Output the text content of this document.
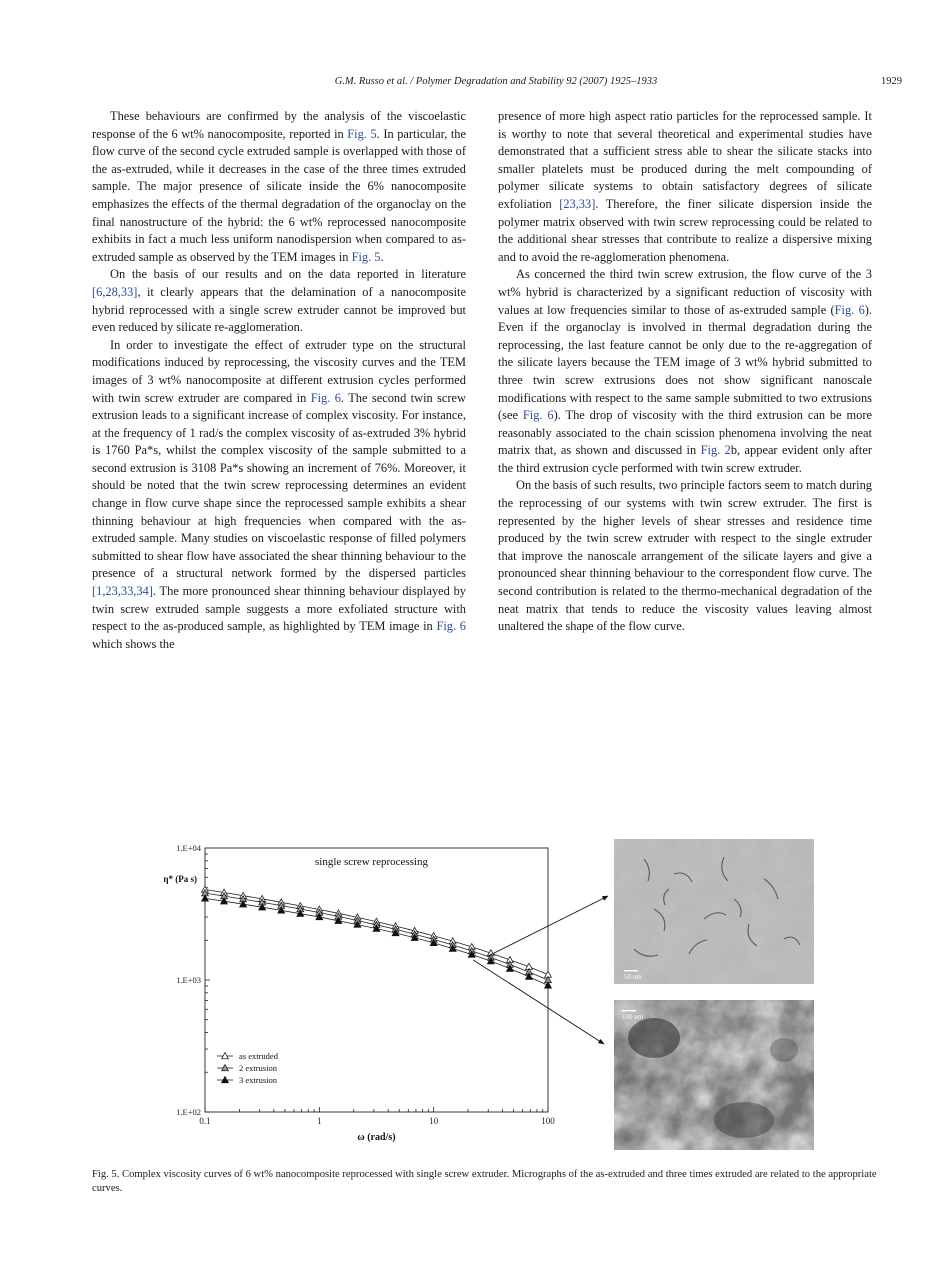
G.M. Russo et al. / Polymer Degradation and Stability 92 (2007) 1925–1933	1929

These behaviours are confirmed by the analysis of the viscoelastic response of the 6 wt% nanocomposite, reported in Fig. 5. In particular, the flow curve of the second cycle extruded sample is overlapped with those of the as-extruded, while it decreases in the case of the three times extruded sample. The major presence of silicate inside the 6% nanocomposite emphasizes the effects of the thermal degradation of the organoclay on the final nanostructure of the hybrid: the 6 wt% reprocessed nanocomposite exhibits in fact a much less uniform nanodispersion when compared to as-extruded sample as observed by the TEM images in Fig. 5.

On the basis of our results and on the data reported in literature [6,28,33], it clearly appears that the delamination of a nanocomposite hybrid reprocessed with a single screw extruder cannot be improved but even reduced by silicate re-agglomeration.

In order to investigate the effect of extruder type on the structural modifications induced by reprocessing, the viscosity curves and the TEM images of 3 wt% nanocomposite at different extrusion cycles performed with twin screw extruder are compared in Fig. 6. The second twin screw extrusion leads to a significant increase of complex viscosity. For instance, at the frequency of 1 rad/s the complex viscosity of as-extruded 3% hybrid is 1760 Pa*s, whilst the complex viscosity of the sample submitted to a second extrusion is 3108 Pa*s showing an increment of 76%. Moreover, it should be noted that the twin screw reprocessing determines an evident change in flow curve shape since the reprocessed sample exhibits a shear thinning behaviour at high frequencies when compared with the as-extruded sample. Many studies on viscoelastic response of filled polymers submitted to shear flow have associated the shear thinning behaviour to the presence of a structural network formed by the dispersed particles [1,23,33,34]. The more pronounced shear thinning behaviour displayed by twin screw extruded sample suggests a more exfoliated structure with respect to the as-produced sample, as highlighted by TEM image in Fig. 6 which shows the

presence of more high aspect ratio particles for the reprocessed sample. It is worthy to note that several theoretical and experimental studies have demonstrated that a sufficient stress able to shear the silicate stacks into smaller platelets must be produced during the melt compounding of polymer silicate systems to obtain satisfactory degrees of silicate exfoliation [23,33]. Therefore, the finer silicate dispersion inside the polymer matrix observed with twin screw reprocessing could be related to the additional shear stresses that contribute to realize a dispersive mixing and to avoid the re-agglomeration phenomena.

As concerned the third twin screw extrusion, the flow curve of the 3 wt% hybrid is characterized by a significant reduction of viscosity with values at low frequencies similar to those of as-extruded sample (Fig. 6). Even if the organoclay is involved in thermal degradation during the reprocessing, the last feature cannot be only due to the re-aggregation of the silicate layers because the TEM image of 3 wt% hybrid submitted to three twin screw extrusions does not show significant nanoscale modifications with respect to the same sample submitted to two extrusions (see Fig. 6). The drop of viscosity with the third extrusion can be more reasonably associated to the chain scission phenomena involving the neat matrix that, as shown and discussed in Fig. 2b, appear evident only after the third extrusion cycle performed with twin screw extruder.

On the basis of such results, two principle factors seem to match during the reprocessing of our systems with twin screw extruder. The first is represented by the higher levels of shear stresses and residence time produced by the twin screw extruder with respect to the single extruder that improve the nanoscale arrangement of the silicate layers and give a pronounced shear thinning behaviour to the correspondent flow curve. The second contribution is related to the thermo-mechanical degradation of the neat matrix that tends to reduce the viscosity values leaving almost unaltered the shape of the flow curve.

0.1	1	10	100
1.E+02
1.E+03
1.E+04
η* (Pa s)
ω (rad/s)
single screw reprocessing
as extruded
2 extrusion
3 extrusion
50 nm
100 nm
Fig. 5. Complex viscosity curves of 6 wt% nanocomposite reprocessed with single screw extruder. Micrographs of the as-extruded and three times extruded are related to the appropriate curves.
